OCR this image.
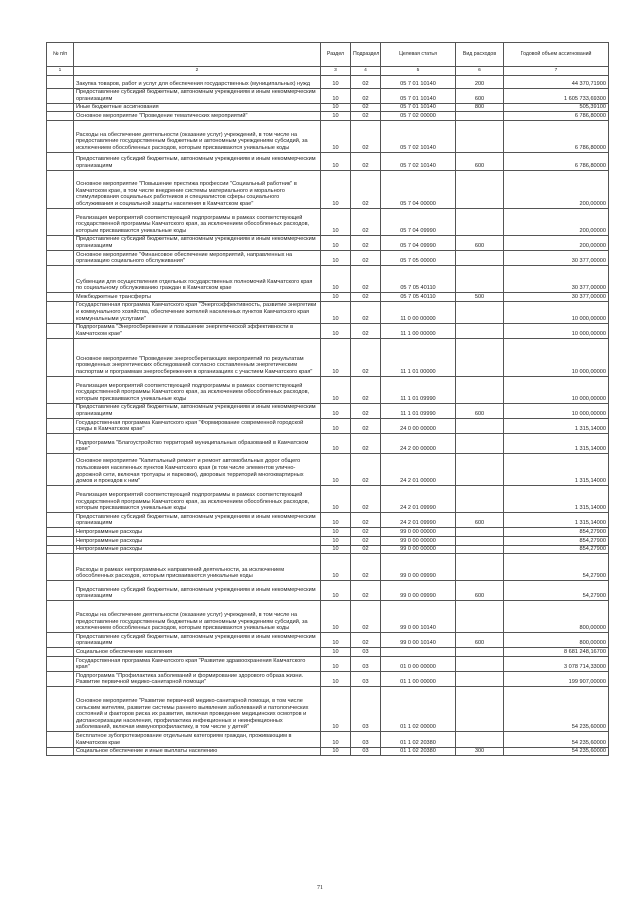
№ п/п		Раздел	Подраздел	Целевая статья	Вид расходов	Годовой объем ассигнований
1	2	3	4	5	6	7
	Закупка товаров, работ и услуг для обеспечения государственных (муниципальных) нужд	10	02	05 7 01 10140	200	44 370,71900
	Предоставление субсидий бюджетным, автономным учреждениям и иным некоммерческим организациям	10	02	05 7 01 10140	600	1 605 733,69300
	Иные бюджетные ассигнования	10	02	05 7 01 10140	800	505,39100
	Основное мероприятие "Проведение тематических мероприятий"	10	02	05 7 02 00000		6 786,80000
	Расходы на обеспечение деятельности (оказание услуг) учреждений, в том числе на предоставление государственным бюджетным и автономным учреждениям субсидий, за исключением обособленных расходов, которым присваиваются уникальные коды	10	02	05 7 02 10140		6 786,80000
	Предоставление субсидий бюджетным, автономным учреждениям и иным некоммерческим организациям	10	02	05 7 02 10140	600	6 786,80000
	Основное мероприятие "Повышение престижа профессии "Социальный работник" в Камчатском крае, в том числе внедрение системы материального и морального стимулирования социальных работников и специалистов сферы социального обслуживания и социальной защиты населения в Камчатском крае"	10	02	05 7 04 00000		200,00000
	Реализация мероприятий соответствующей подпрограммы в рамках соответствующей государственной программы Камчатского края, за исключением обособленных расходов, которым присваиваются уникальные коды	10	02	05 7 04 09990		200,00000
	Предоставление субсидий бюджетным, автономным учреждениям и иным некоммерческим организациям	10	02	05 7 04 09990	600	200,00000
	Основное мероприятие "Финансовое обеспечение мероприятий, направленных на организацию социального обслуживания"	10	02	05 7 05 00000		30 377,00000
	Субвенции для осуществления отдельных государственных полномочий Камчатского края по социальному обслуживанию граждан в Камчатском крае	10	02	05 7 05 40110		30 377,00000
	Межбюджетные трансферты	10	02	05 7 05 40110	500	30 377,00000
	Государственная программа Камчатского края "Энергоэффективность, развитие энергетики и коммунального хозяйства, обеспечение жителей населенных пунктов Камчатского края коммунальными услугами"	10	02	11 0 00 00000		10 000,00000
	Подпрограмма "Энергосбережение и повышение энергетической эффективности в Камчатском крае"	10	02	11 1 00 00000		10 000,00000
	Основное мероприятие "Проведение энергосберегающих мероприятий по результатам проведенных энергетических обследований согласно составленным энергетическим паспортам и программам энергосбережения в организациях с участием Камчатского края"	10	02	11 1 01 00000		10 000,00000
	Реализация мероприятий соответствующей подпрограммы в рамках соответствующей государственной программы Камчатского края, за исключением обособленных расходов, которым присваиваются уникальные коды	10	02	11 1 01 09990		10 000,00000
	Предоставление субсидий бюджетным, автономным учреждениям и иным некоммерческим организациям	10	02	11 1 01 09990	600	10 000,00000
	Государственная программа Камчатского края "Формирование современной городской среды в Камчатском крае"	10	02	24 0 00 00000		1 315,14000
	Подпрограмма "Благоустройство территорий муниципальных образований в Камчатском крае"	10	02	24 2 00 00000		1 315,14000
	Основное мероприятие "Капитальный ремонт и ремонт автомобильных дорог общего пользования населенных пунктов Камчатского края (в том числе элементов улично-дорожной сети, включая тротуары и парковки), дворовых территорий многоквартирных домов и проездов к ним"	10	02	24 2 01 00000		1 315,14000
	Реализация мероприятий соответствующей подпрограммы в рамках соответствующей государственной программы Камчатского края, за исключением обособленных расходов, которым присваиваются уникальные коды	10	02	24 2 01 09990		1 315,14000
	Предоставление субсидий бюджетным, автономным учреждениям и иным некоммерческим организациям	10	02	24 2 01 09990	600	1 315,14000
	Непрограммные расходы	10	02	99 0 00 00000		854,27900
	Непрограммные расходы	10	02	99 0 00 00000		854,27900
	Непрограммные расходы	10	02	99 0 00 00000		854,27900
	Расходы в рамках непрограммных направлений деятельности, за исключением обособленных расходов, которым присваиваются уникальные коды	10	02	99 0 00 09990		54,27900
	Предоставление субсидий бюджетным, автономным учреждениям и иным некоммерческим организациям	10	02	99 0 00 09990	600	54,27900
	Расходы на обеспечение деятельности (оказание услуг) учреждений, в том числе на предоставление государственным бюджетным и автономным учреждениям субсидий, за исключением обособленных расходов, которым присваиваются уникальные коды	10	02	99 0 00 10140		800,00000
	Предоставление субсидий бюджетным, автономным учреждениям и иным некоммерческим организациям	10	02	99 0 00 10140	600	800,00000
	Социальное обеспечение населения	10	03			8 681 248,16700
	Государственная программа Камчатского края "Развитие здравоохранения Камчатского края"	10	03	01 0 00 00000		3 078 714,33000
	Подпрограмма "Профилактика заболеваний и формирование здорового образа жизни. Развитие первичной медико-санитарной помощи"	10	03	01 1 00 00000		199 907,00000
	Основное мероприятие "Развитие первичной медико-санитарной помощи, в том числе сельским жителям, развитие системы раннего выявления заболеваний и патологических состояний и факторов риска их развития, включая проведение медицинских осмотров и диспансеризации населения, профилактика инфекционных и неинфекционных заболеваний, включая иммунопрофилактику, в том числе у детей"	10	03	01 1 02 00000		54 235,60000
	Бесплатное зубопротезирование отдельным категориям граждан, проживающим в Камчатском крае	10	03	01 1 02 20380		54 235,60000
	Социальное обеспечение и иные выплаты населению	10	03	01 1 02 20380	300	54 235,60000
71
